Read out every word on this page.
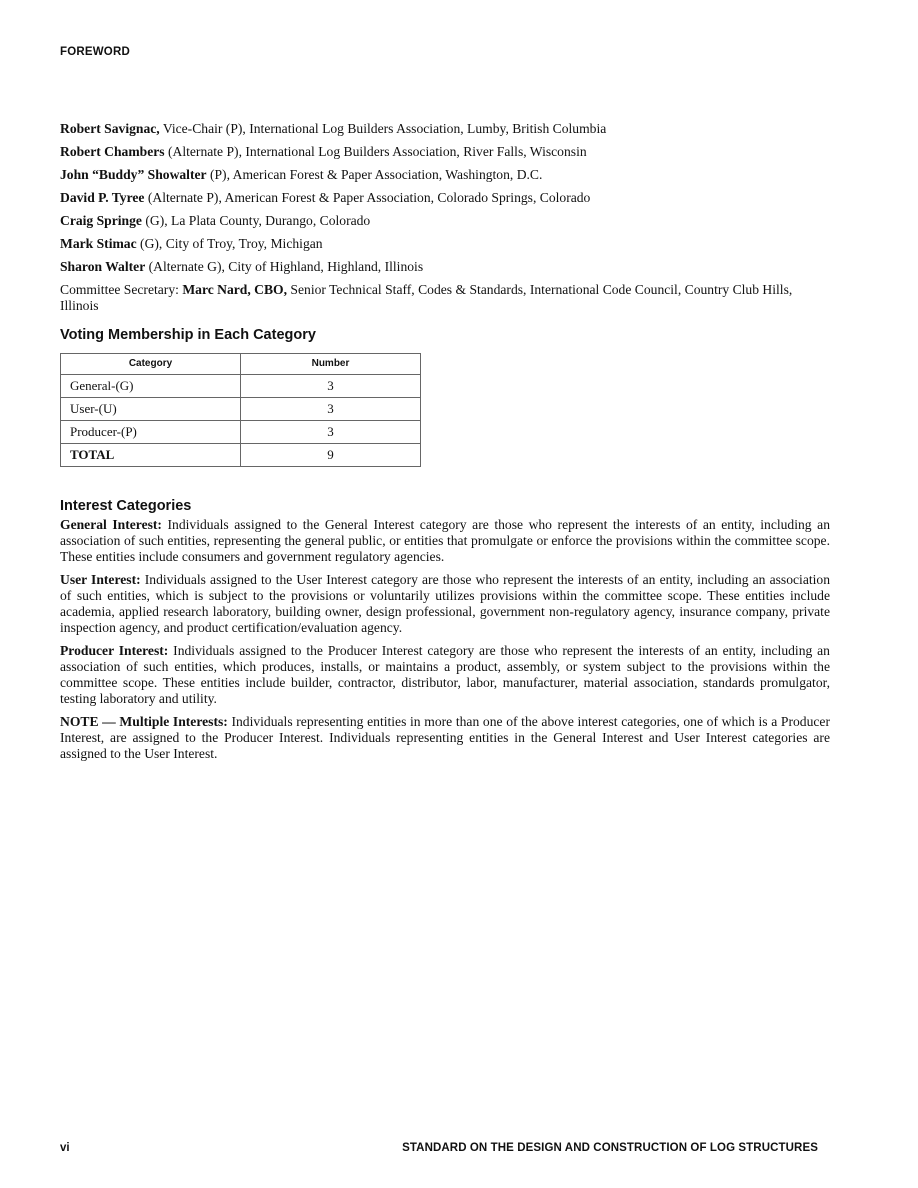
FOREWORD

Robert Savignac, Vice-Chair (P), International Log Builders Association, Lumby, British Columbia

Robert Chambers (Alternate P), International Log Builders Association, River Falls, Wisconsin

John “Buddy” Showalter (P), American Forest & Paper Association, Washington, D.C.

David P. Tyree (Alternate P), American Forest & Paper Association, Colorado Springs, Colorado

Craig Springe (G), La Plata County, Durango, Colorado

Mark Stimac (G), City of Troy, Troy, Michigan

Sharon Walter (Alternate G), City of Highland, Highland, Illinois

Committee Secretary: Marc Nard, CBO, Senior Technical Staff, Codes & Standards, International Code Council, Country Club Hills, Illinois

Voting Membership in Each Category
Category	Number
General-(G)	3
User-(U)	3
Producer-(P)	3
TOTAL	9
Interest Categories

General Interest: Individuals assigned to the General Interest category are those who represent the interests of an entity, including an association of such entities, representing the general public, or entities that promulgate or enforce the provisions within the committee scope. These entities include consumers and government regulatory agencies.

User Interest: Individuals assigned to the User Interest category are those who represent the interests of an entity, including an association of such entities, which is subject to the provisions or voluntarily utilizes provisions within the committee scope. These entities include academia, applied research laboratory, building owner, design professional, government non-regulatory agency, insurance company, private inspection agency, and product certification/evaluation agency.

Producer Interest: Individuals assigned to the Producer Interest category are those who represent the interests of an entity, including an association of such entities, which produces, installs, or maintains a product, assembly, or system subject to the provisions within the committee scope. These entities include builder, contractor, distributor, labor, manufacturer, material association, standards promulgator, testing laboratory and utility.

NOTE — Multiple Interests: Individuals representing entities in more than one of the above interest categories, one of which is a Producer Interest, are assigned to the Producer Interest. Individuals representing entities in the General Interest and User Interest categories are assigned to the User Interest.

vi	STANDARD ON THE DESIGN AND CONSTRUCTION OF LOG STRUCTURES
